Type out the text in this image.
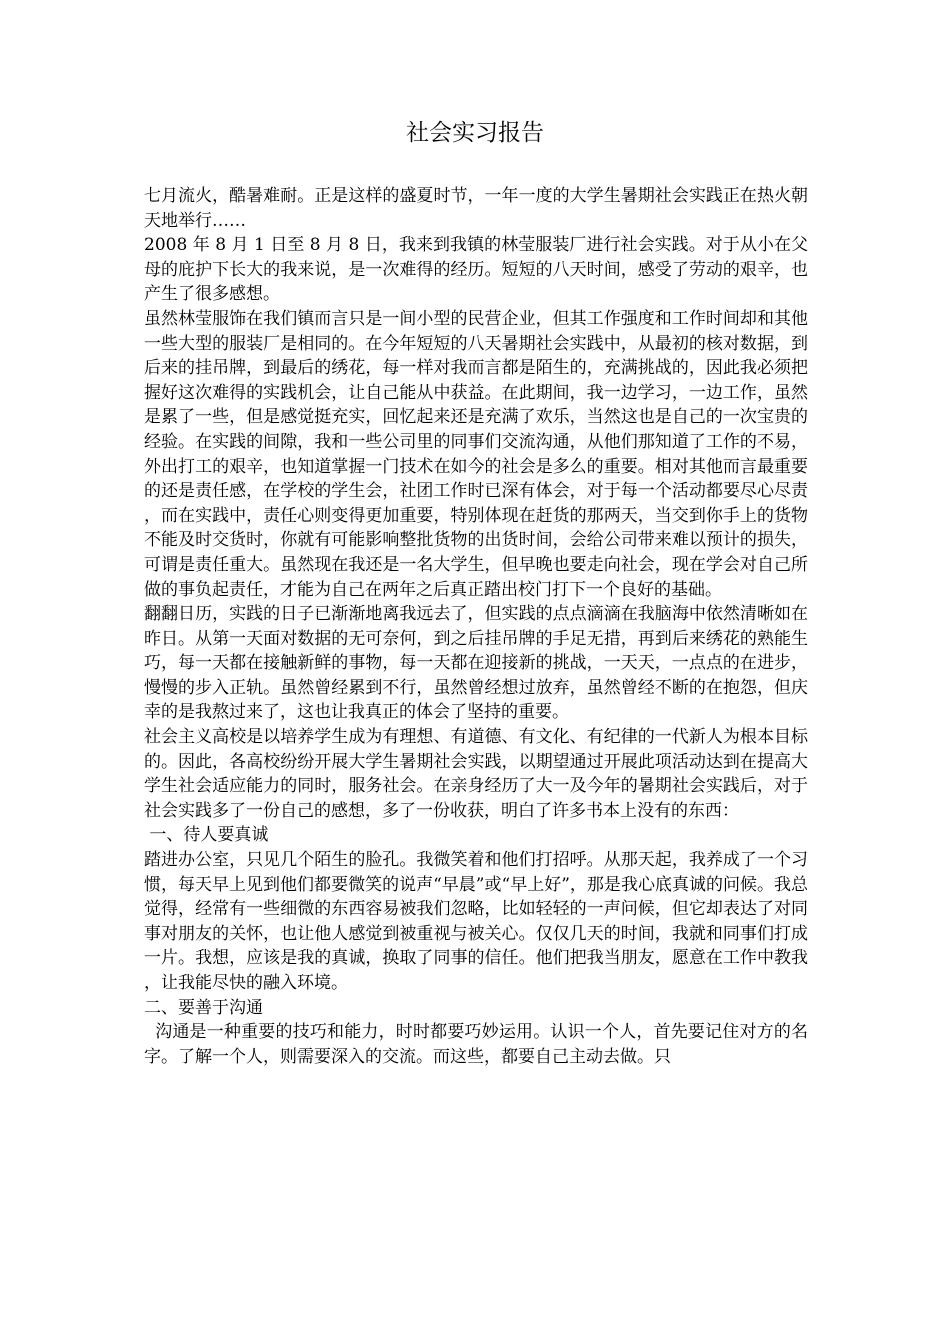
社会实习报告

七月流火，酷暑难耐。正是这样的盛夏时节，一年一度的大学生暑期社会实践正在热火朝天地举行……

2008 年 8 月 1 日至 8 月 8 日，我来到我镇的林莹服装厂进行社会实践。对于从小在父母的庇护下长大的我来说，是一次难得的经历。短短的八天时间，感受了劳动的艰辛，也产生了很多感想。

虽然林莹服饰在我们镇而言只是一间小型的民营企业，但其工作强度和工作时间却和其他一些大型的服装厂是相同的。在今年短短的八天暑期社会实践中，从最初的核对数据，到后来的挂吊牌，到最后的绣花，每一样对我而言都是陌生的，充满挑战的，因此我必须把握好这次难得的实践机会，让自己能从中获益。在此期间，我一边学习，一边工作，虽然是累了一些，但是感觉挺充实，回忆起来还是充满了欢乐，当然这也是自己的一次宝贵的经验。在实践的间隙，我和一些公司里的同事们交流沟通，从他们那知道了工作的不易，外出打工的艰辛，也知道掌握一门技术在如今的社会是多么的重要。相对其他而言最重要的还是责任感，在学校的学生会，社团工作时已深有体会，对于每一个活动都要尽心尽责，而在实践中，责任心则变得更加重要，特别体现在赶货的那两天，当交到你手上的货物不能及时交货时，你就有可能影响整批货物的出货时间，会给公司带来难以预计的损失，可谓是责任重大。虽然现在我还是一名大学生，但早晚也要走向社会，现在学会对自己所做的事负起责任，才能为自己在两年之后真正踏出校门打下一个良好的基础。

翻翻日历，实践的日子已渐渐地离我远去了，但实践的点点滴滴在我脑海中依然清晰如在昨日。从第一天面对数据的无可奈何，到之后挂吊牌的手足无措，再到后来绣花的熟能生巧，每一天都在接触新鲜的事物，每一天都在迎接新的挑战，一天天，一点点的在进步，慢慢的步入正轨。虽然曾经累到不行，虽然曾经想过放弃，虽然曾经不断的在抱怨，但庆幸的是我熬过来了，这也让我真正的体会了坚持的重要。

社会主义高校是以培养学生成为有理想、有道德、有文化、有纪律的一代新人为根本目标的。因此，各高校纷纷开展大学生暑期社会实践，以期望通过开展此项活动达到在提高大学生社会适应能力的同时，服务社会。在亲身经历了大一及今年的暑期社会实践后，对于社会实践多了一份自己的感想，多了一份收获，明白了许多书本上没有的东西：

一、待人要真诚

踏进办公室，只见几个陌生的脸孔。我微笑着和他们打招呼。从那天起，我养成了一个习惯，每天早上见到他们都要微笑的说声“早晨”或“早上好”，那是我心底真诚的问候。我总觉得，经常有一些细微的东西容易被我们忽略，比如轻轻的一声问候，但它却表达了对同事对朋友的关怀，也让他人感觉到被重视与被关心。仅仅几天的时间，我就和同事们打成一片。我想，应该是我的真诚，换取了同事的信任。他们把我当朋友，愿意在工作中教我，让我能尽快的融入环境。

二、要善于沟通

沟通是一种重要的技巧和能力，时时都要巧妙运用。认识一个人，首先要记住对方的名字。了解一个人，则需要深入的交流。而这些，都要自己主动去做。只
